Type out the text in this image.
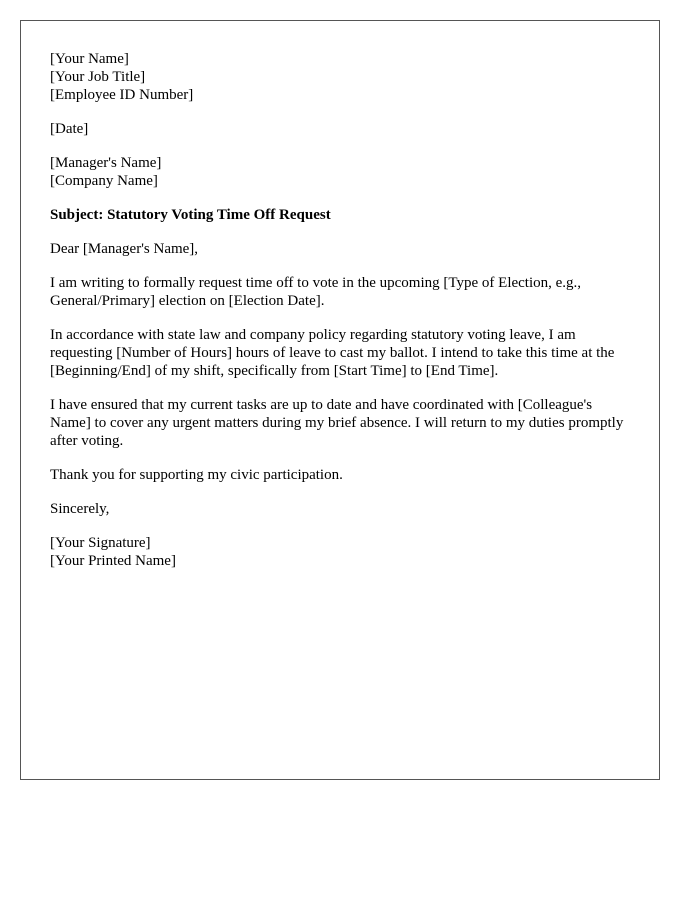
[Your Name]
[Your Job Title]
[Employee ID Number]
[Date]
[Manager's Name]
[Company Name]
Subject: Statutory Voting Time Off Request
Dear [Manager's Name],

I am writing to formally request time off to vote in the upcoming [Type of Election, e.g., General/Primary] election on [Election Date].

In accordance with state law and company policy regarding statutory voting leave, I am requesting [Number of Hours] hours of leave to cast my ballot. I intend to take this time at the [Beginning/End] of my shift, specifically from [Start Time] to [End Time].

I have ensured that my current tasks are up to date and have coordinated with [Colleague's Name] to cover any urgent matters during my brief absence. I will return to my duties promptly after voting.

Thank you for supporting my civic participation.

Sincerely,
[Your Signature]
[Your Printed Name]
